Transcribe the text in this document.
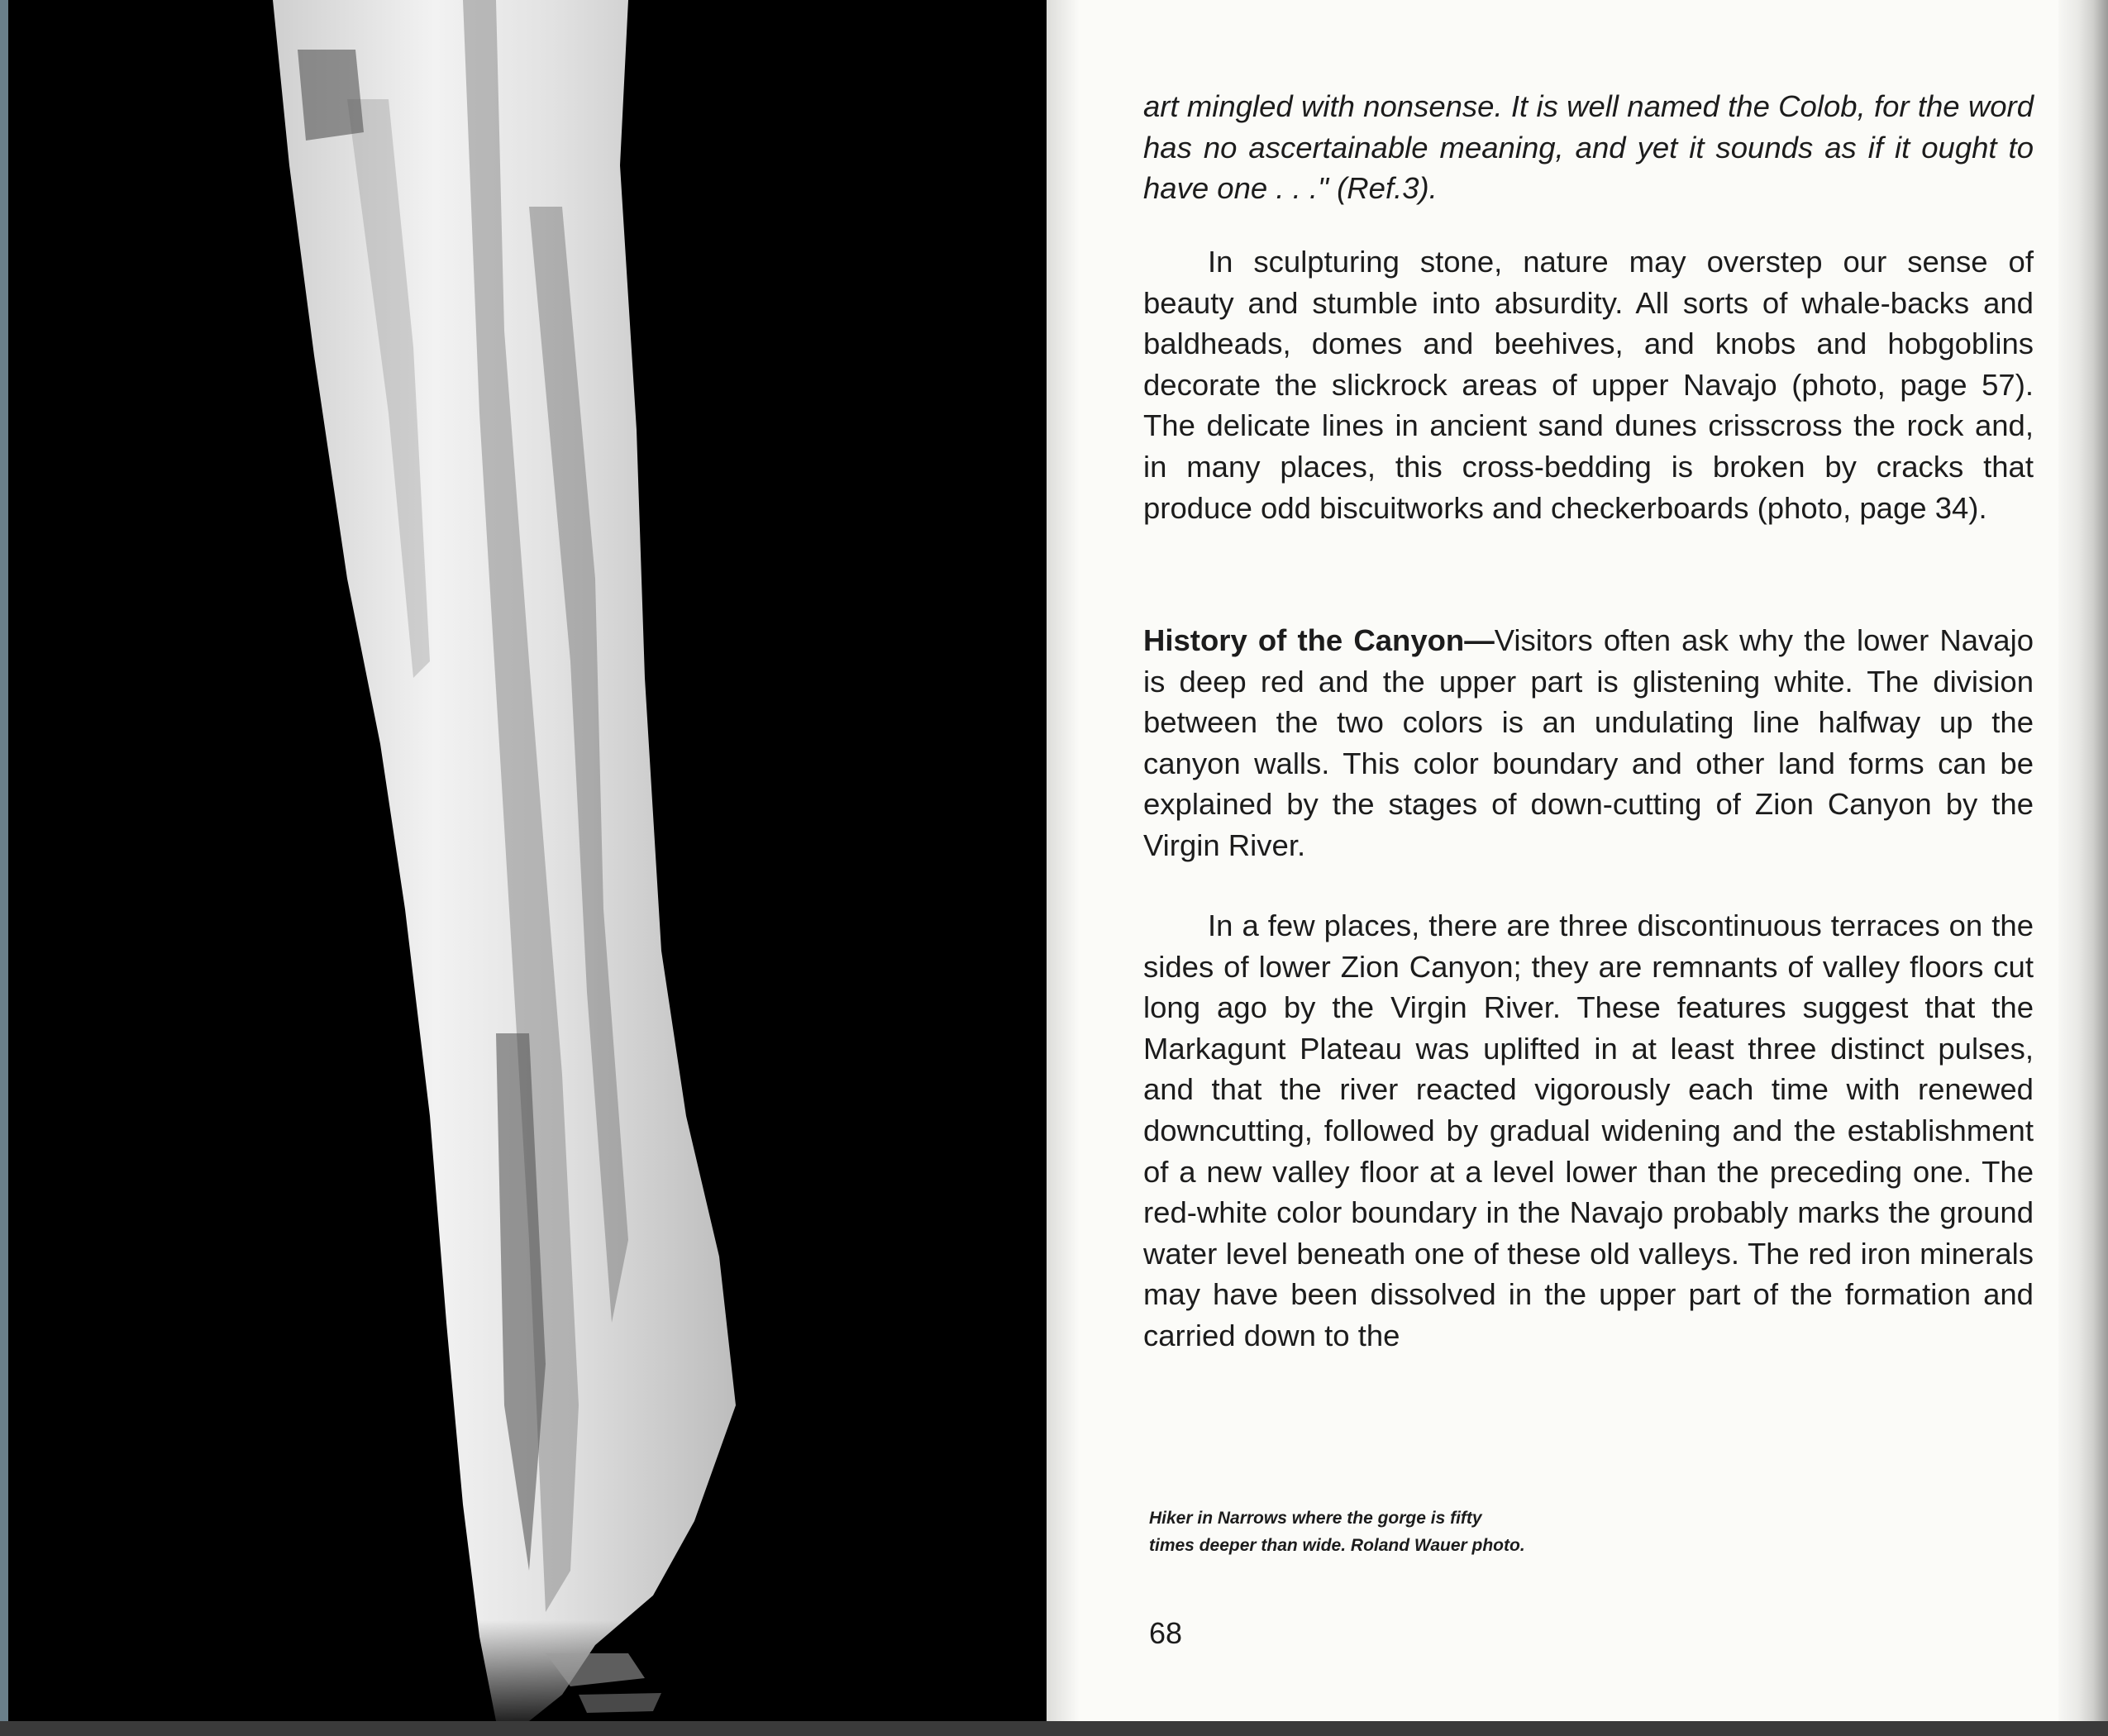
art mingled with nonsense. It is well named the Colob, for the word has no ascertainable meaning, and yet it sounds as if it ought to have one . . ." (Ref.3).

In sculpturing stone, nature may overstep our sense of beauty and stumble into absurdity. All sorts of whale-backs and baldheads, domes and beehives, and knobs and hobgoblins decorate the slickrock areas of upper Navajo (photo, page 57). The delicate lines in ancient sand dunes crisscross the rock and, in many places, this cross-bedding is broken by cracks that produce odd biscuitworks and checkerboards (photo, page 34).

History of the Canyon—Visitors often ask why the lower Navajo is deep red and the upper part is glistening white. The division between the two colors is an undulating line halfway up the canyon walls. This color boundary and other land forms can be explained by the stages of down-cutting of Zion Canyon by the Virgin River.

In a few places, there are three discontinuous terraces on the sides of lower Zion Canyon; they are remnants of valley floors cut long ago by the Virgin River. These features suggest that the Markagunt Plateau was uplifted in at least three distinct pulses, and that the river reacted vigorously each time with renewed downcutting, followed by gradual widening and the establishment of a new valley floor at a level lower than the preceding one. The red-white color boundary in the Navajo probably marks the ground water level beneath one of these old valleys. The red iron minerals may have been dissolved in the upper part of the formation and carried down to the

Hiker in Narrows where the gorge is fifty
times deeper than wide. Roland Wauer photo.
68
